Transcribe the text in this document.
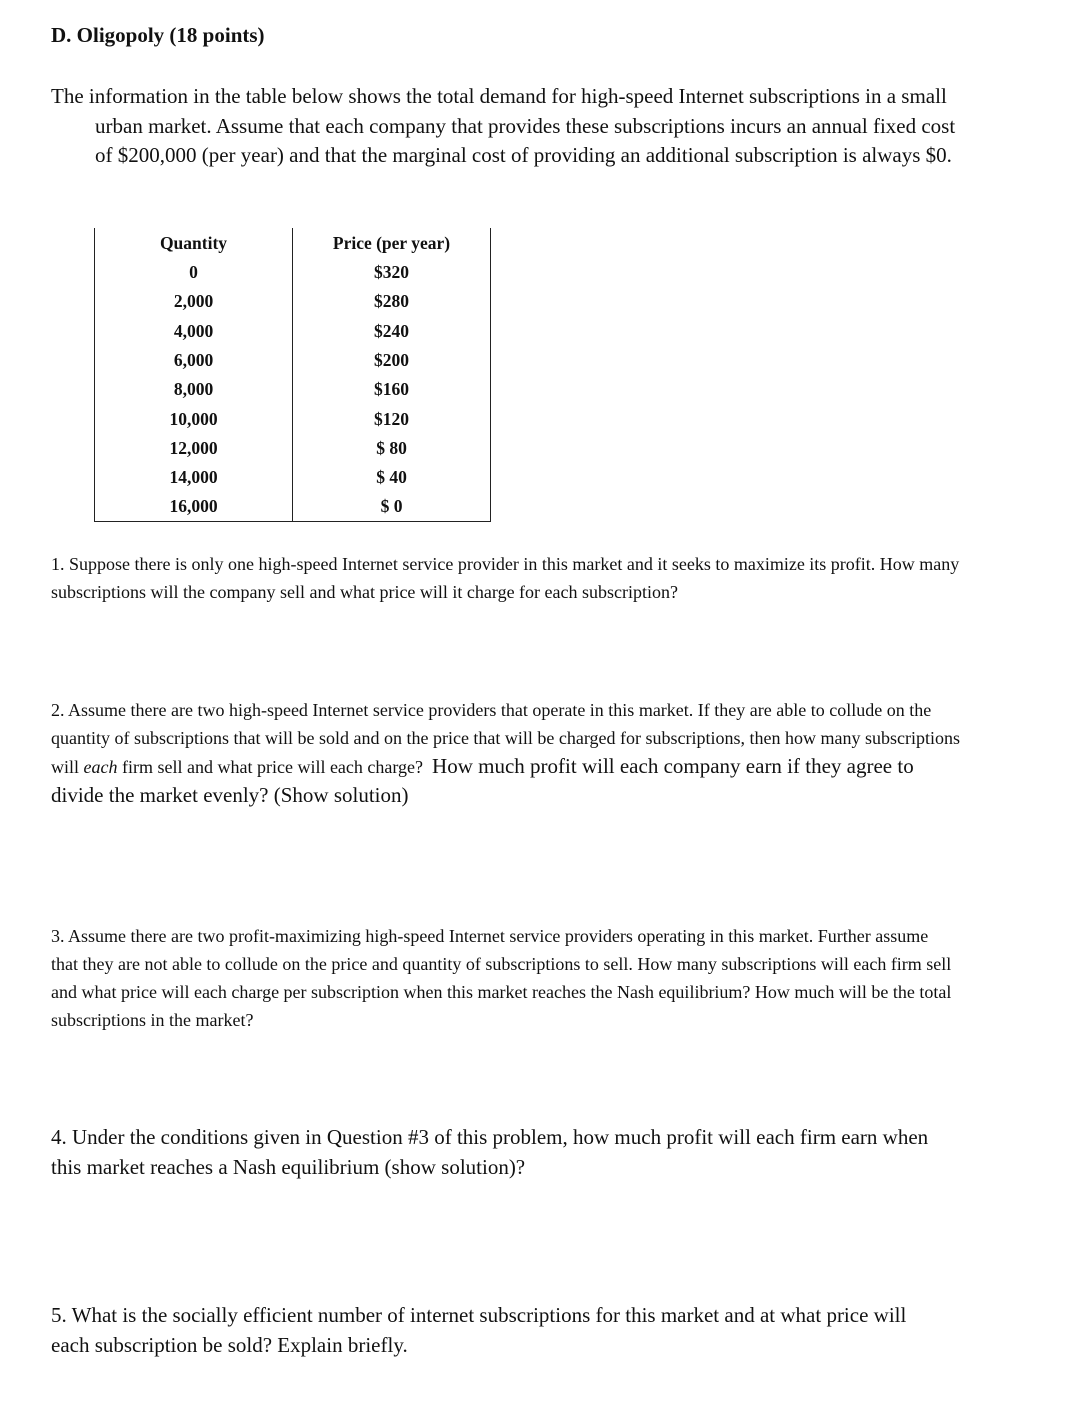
D. Oligopoly (18 points)
The information in the table below shows the total demand for high-speed Internet subscriptions in a small urban market. Assume that each company that provides these subscriptions incurs an annual fixed cost of $200,000 (per year) and that the marginal cost of providing an additional subscription is always $0.
Quantity	Price (per year)
0	$320
2,000	$280
4,000	$240
6,000	$200
8,000	$160
10,000	$120
12,000	$ 80
14,000	$ 40
16,000	$ 0
1. Suppose there is only one high-speed Internet service provider in this market and it seeks to maximize its profit. How many subscriptions will the company sell and what price will it charge for each subscription?
2. Assume there are two high-speed Internet service providers that operate in this market. If they are able to collude on the quantity of subscriptions that will be sold and on the price that will be charged for subscriptions, then how many subscriptions will each firm sell and what price will each charge? How much profit will each company earn if they agree to divide the market evenly? (Show solution)
3. Assume there are two profit-maximizing high-speed Internet service providers operating in this market. Further assume that they are not able to collude on the price and quantity of subscriptions to sell. How many subscriptions will each firm sell and what price will each charge per subscription when this market reaches the Nash equilibrium? How much will be the total subscriptions in the market?
4. Under the conditions given in Question #3 of this problem, how much profit will each firm earn when this market reaches a Nash equilibrium (show solution)?
5. What is the socially efficient number of internet subscriptions for this market and at what price will each subscription be sold? Explain briefly.
